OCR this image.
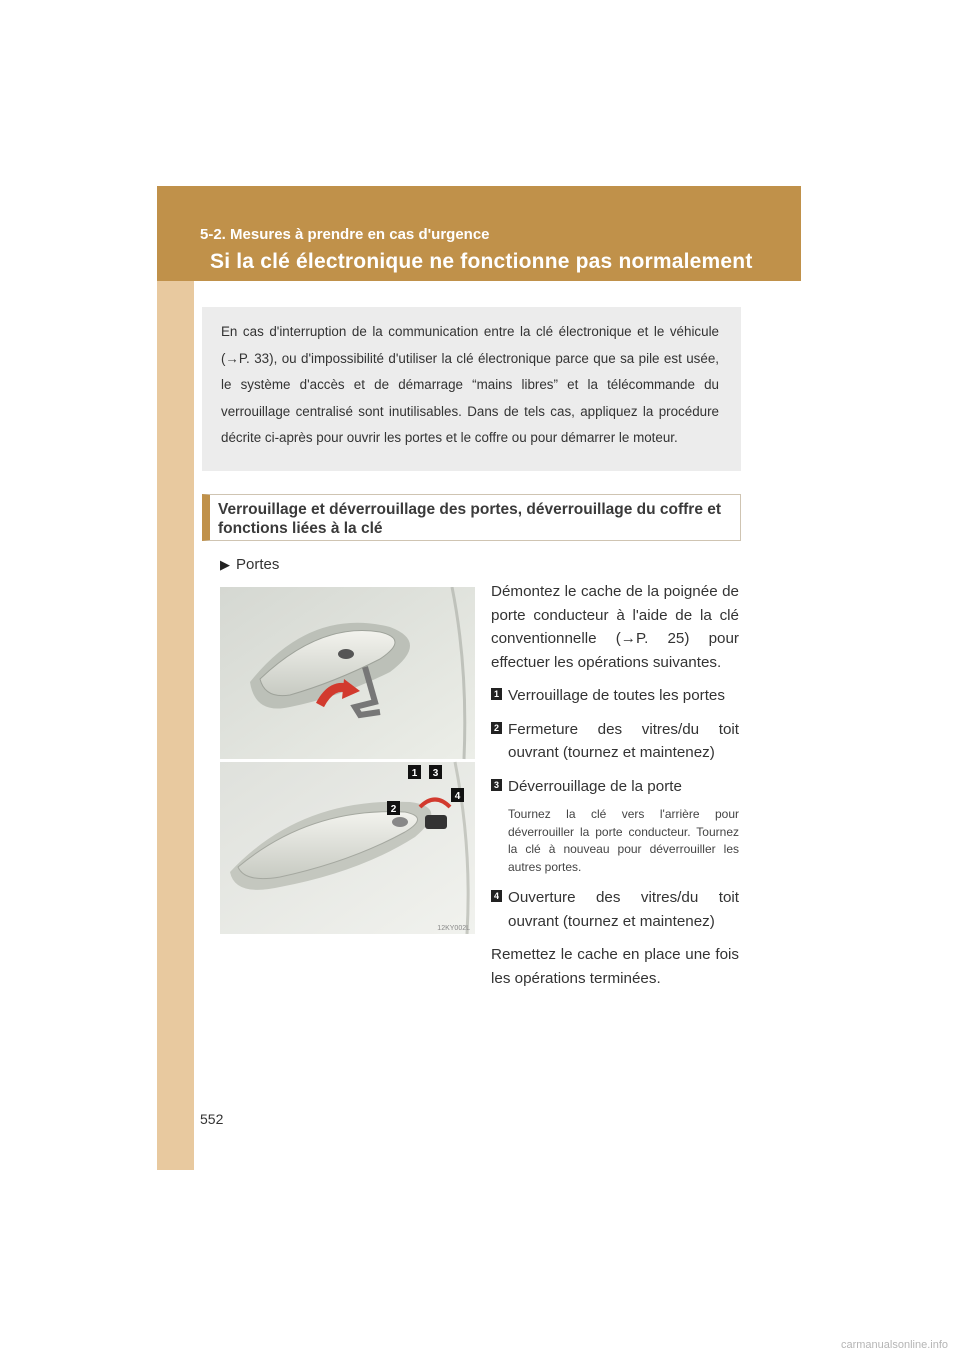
5-2. Mesures à prendre en cas d'urgence
Si la clé électronique ne fonctionne pas normalement
En cas d'interruption de la communication entre la clé électronique et le véhicule (→P. 33), ou d'impossibilité d'utiliser la clé électronique parce que sa pile est usée, le système d'accès et de démarrage “mains libres” et la télécommande du verrouillage centralisé sont inutilisables. Dans de tels cas, appliquez la procédure décrite ci-après pour ouvrir les portes et le coffre ou pour démarrer le moteur.
Verrouillage et déverrouillage des portes, déverrouillage du coffre et fonctions liées à la clé
▶ Portes
1 3
2
4
12KY002L
Démontez le cache de la poignée de porte conducteur à l'aide de la clé conventionnelle (→P. 25) pour effectuer les opérations suivantes.
1 Verrouillage de toutes les portes
2 Fermeture des vitres/du toit ouvrant (tournez et maintenez)
3 Déverrouillage de la porte
Tournez la clé vers l'arrière pour déverrouiller la porte conducteur. Tournez la clé à nouveau pour déverrouiller les autres portes.
4 Ouverture des vitres/du toit ouvrant (tournez et maintenez)
Remettez le cache en place une fois les opérations terminées.
552
carmanualsonline.info
